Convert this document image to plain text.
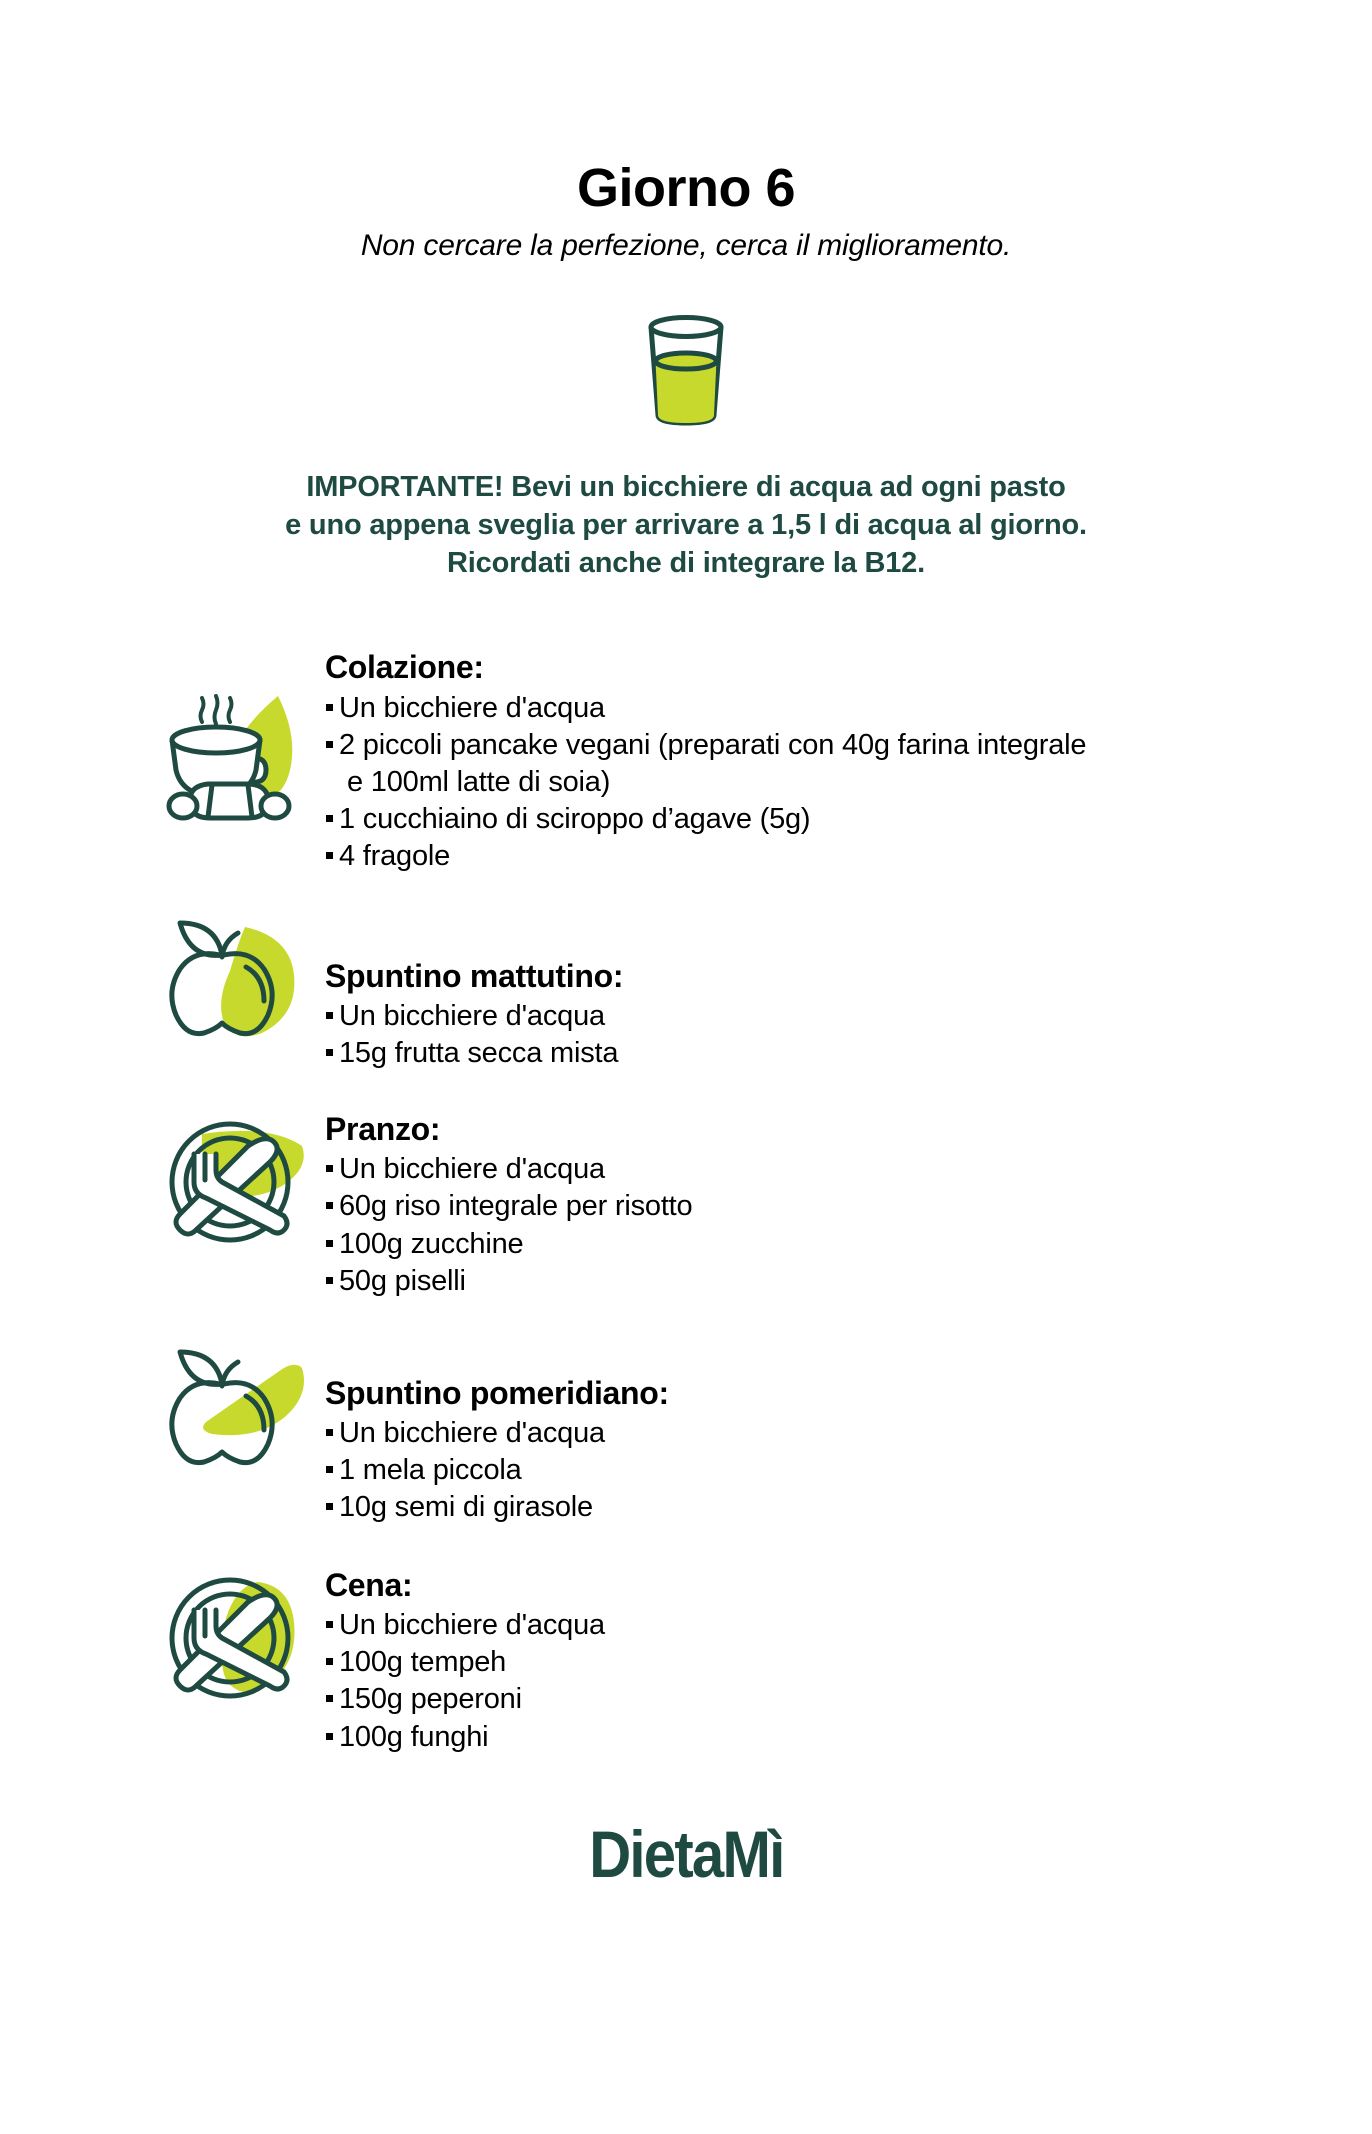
Giorno 6
Non cercare la perfezione, cerca il miglioramento.
IMPORTANTE! Bevi un bicchiere di acqua ad ogni pasto
e uno appena sveglia per arrivare a 1,5 l di acqua al giorno.
Ricordati anche di integrare la B12.
Colazione:
Un bicchiere d'acqua
2 piccoli pancake vegani (preparati con 40g farina integrale
e 100ml latte di soia)
1 cucchiaino di sciroppo d’agave (5g)
4 fragole
Spuntino mattutino:
Un bicchiere d'acqua
15g frutta secca mista
Pranzo:
Un bicchiere d'acqua
60g riso integrale per risotto
100g zucchine
50g piselli
Spuntino pomeridiano:
Un bicchiere d'acqua
1 mela piccola
10g semi di girasole
Cena:
Un bicchiere d'acqua
100g tempeh
150g peperoni
100g funghi
DietaMì
